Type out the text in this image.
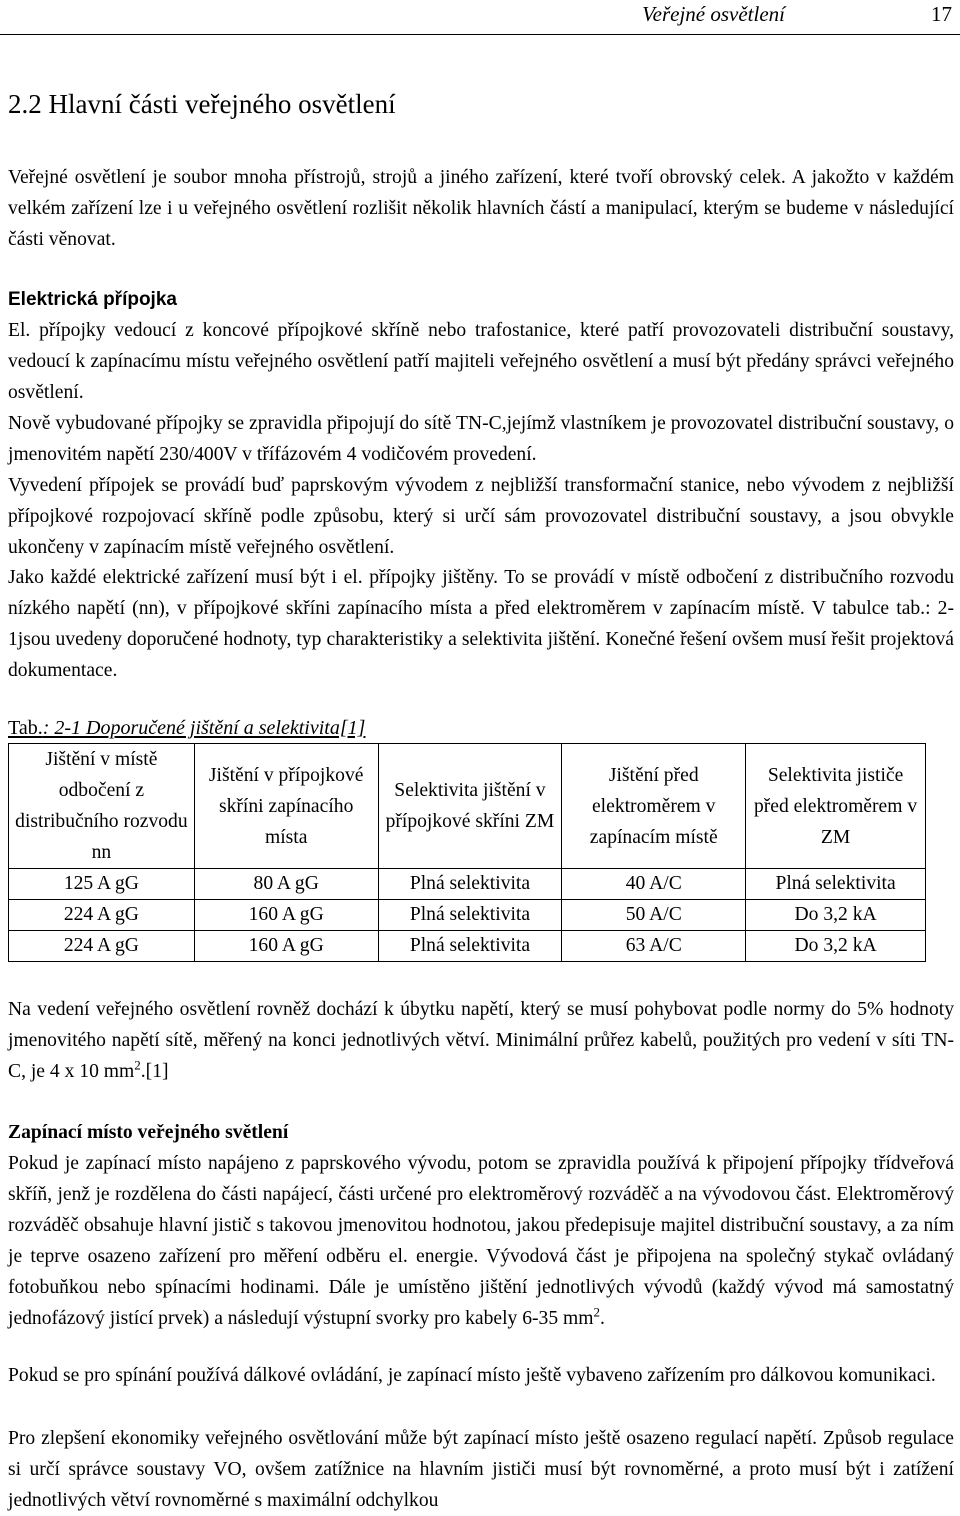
Veřejné osvětlení	17
2.2 Hlavní části veřejného osvětlení

Veřejné osvětlení je soubor mnoha přístrojů, strojů a jiného zařízení, které tvoří obrovský celek. A jakožto v každém velkém zařízení lze i u veřejného osvětlení rozlišit několik hlavních částí a manipulací, kterým se budeme v následující části věnovat.

Elektrická přípojka

El. přípojky vedoucí z koncové přípojkové skříně nebo trafostanice, které patří provozovateli distribuční soustavy, vedoucí k zapínacímu místu veřejného osvětlení patří majiteli veřejného osvětlení a musí být předány správci veřejného osvětlení.

Nově vybudované přípojky se zpravidla připojují do sítě TN-C,jejímž vlastníkem je provozovatel distribuční soustavy, o jmenovitém napětí 230/400V v třífázovém 4 vodičovém provedení.

Vyvedení přípojek se provádí buď paprskovým vývodem z nejbližší transformační stanice, nebo vývodem z nejbližší přípojkové rozpojovací skříně podle způsobu, který si určí sám provozovatel distribuční soustavy, a jsou obvykle ukončeny v zapínacím místě veřejného osvětlení.

Jako každé elektrické zařízení musí být i el. přípojky jištěny. To se provádí v místě odbočení z distribučního rozvodu nízkého napětí (nn), v přípojkové skříni zapínacího místa a před elektroměrem v zapínacím místě. V tabulce tab.: 2-1jsou uvedeny doporučené hodnoty, typ charakteristiky a selektivita jištění. Konečné řešení ovšem musí řešit projektová dokumentace.

Tab.: 2-1 Doporučené jištění a selektivita[1]
Jištění v místě odbočení z distribučního rozvodu nn	Jištění v přípojkové skříni zapínacího místa	Selektivita jištění v přípojkové skříni ZM	Jištění před elektroměrem v zapínacím místě	Selektivita jističe před elektroměrem v ZM
125 A gG	80 A gG	Plná selektivita	40 A/C	Plná selektivita
224 A gG	160 A gG	Plná selektivita	50 A/C	Do 3,2 kA
224 A gG	160 A gG	Plná selektivita	63 A/C	Do 3,2 kA

Na vedení veřejného osvětlení rovněž dochází k úbytku napětí, který se musí pohybovat podle normy do 5% hodnoty jmenovitého napětí sítě, měřený na konci jednotlivých větví. Minimální průřez kabelů, použitých pro vedení v síti TN-C, je 4 x 10 $mm^2.[1]$

Zapínací místo veřejného světlení

Pokud je zapínací místo napájeno z paprskového vývodu, potom se zpravidla používá k připojení přípojky třídveřová skříň, jenž je rozdělena do části napájecí, části určené pro elektroměrový rozváděč a na vývodovou část. Elektroměrový rozváděč obsahuje hlavní jistič s takovou jmenovitou hodnotou, jakou předepisuje majitel distribuční soustavy, a za ním je teprve osazeno zařízení pro měření odběru el. energie. Vývodová část je připojena na společný stykač ovládaný fotobuňkou nebo spínacími hodinami. Dále je umístěno jištění jednotlivých vývodů (každý vývod má samostatný jednofázový jistící prvek) a následují výstupní svorky pro kabely 6-35 $mm^2$.

Pokud se pro spínání používá dálkové ovládání, je zapínací místo ještě vybaveno zařízením pro dálkovou komunikaci.

Pro zlepšení ekonomiky veřejného osvětlování může být zapínací místo ještě osazeno regulací napětí. Způsob regulace si určí správce soustavy VO, ovšem zatížnice na hlavním jističi musí být rovnoměrné, a proto musí být i zatížení jednotlivých větví rovnoměrné s maximální odchylkou
